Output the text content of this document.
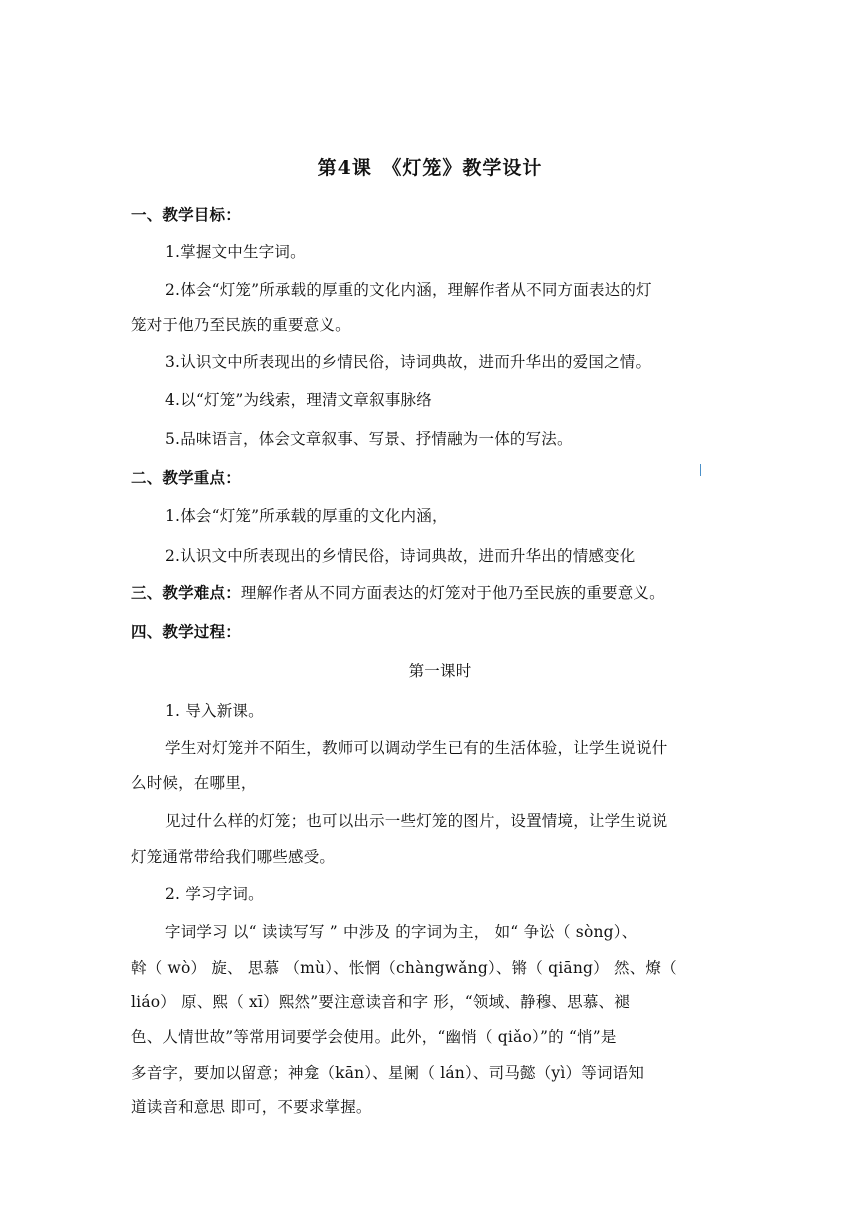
第4课　《灯笼》教学设计
一、教学目标：
1.掌握文中生字词。
2.体会“灯笼”所承载的厚重的文化内涵，理解作者从不同方面表达的灯
笼对于他乃至民族的重要意义。
3.认识文中所表现出的乡情民俗，诗词典故，进而升华出的爱国之情。
4.以“灯笼”为线索，理清文章叙事脉络
5.品味语言，体会文章叙事、写景、抒情融为一体的写法。
二、教学重点：
1.体会“灯笼”所承载的厚重的文化内涵，
2.认识文中所表现出的乡情民俗，诗词典故，进而升华出的情感变化
三、教学难点：理解作者从不同方面表达的灯笼对于他乃至民族的重要意义。
四、教学过程：
第一课时
1. 导入新课。
学生对灯笼并不陌生，教师可以调动学生已有的生活体验，让学生说说什
么时候，在哪里，
见过什么样的灯笼；也可以出示一些灯笼的图片，设置情境，让学生说说
灯笼通常带给我们哪些感受。
2. 学习字词。
字词学习 以“ 读读写写 ” 中涉及 的字词为主， 如“ 争讼（ sòng）、
斡（ wò） 旋、 思慕 （mù）、怅惘（chàngwǎng）、锵（ qiāng） 然、燎（
liáo） 原、熙（ xī）熙然”要注意读音和字 形，“领域、静穆、思慕、褪
色、人情世故”等常用词要学会使用。此外，“幽悄（ qiǎo）”的 “悄”是
多音字，要加以留意；神龛（kān）、星阑（ lán）、司马懿（yì）等词语知
道读音和意思 即可，不要求掌握。
